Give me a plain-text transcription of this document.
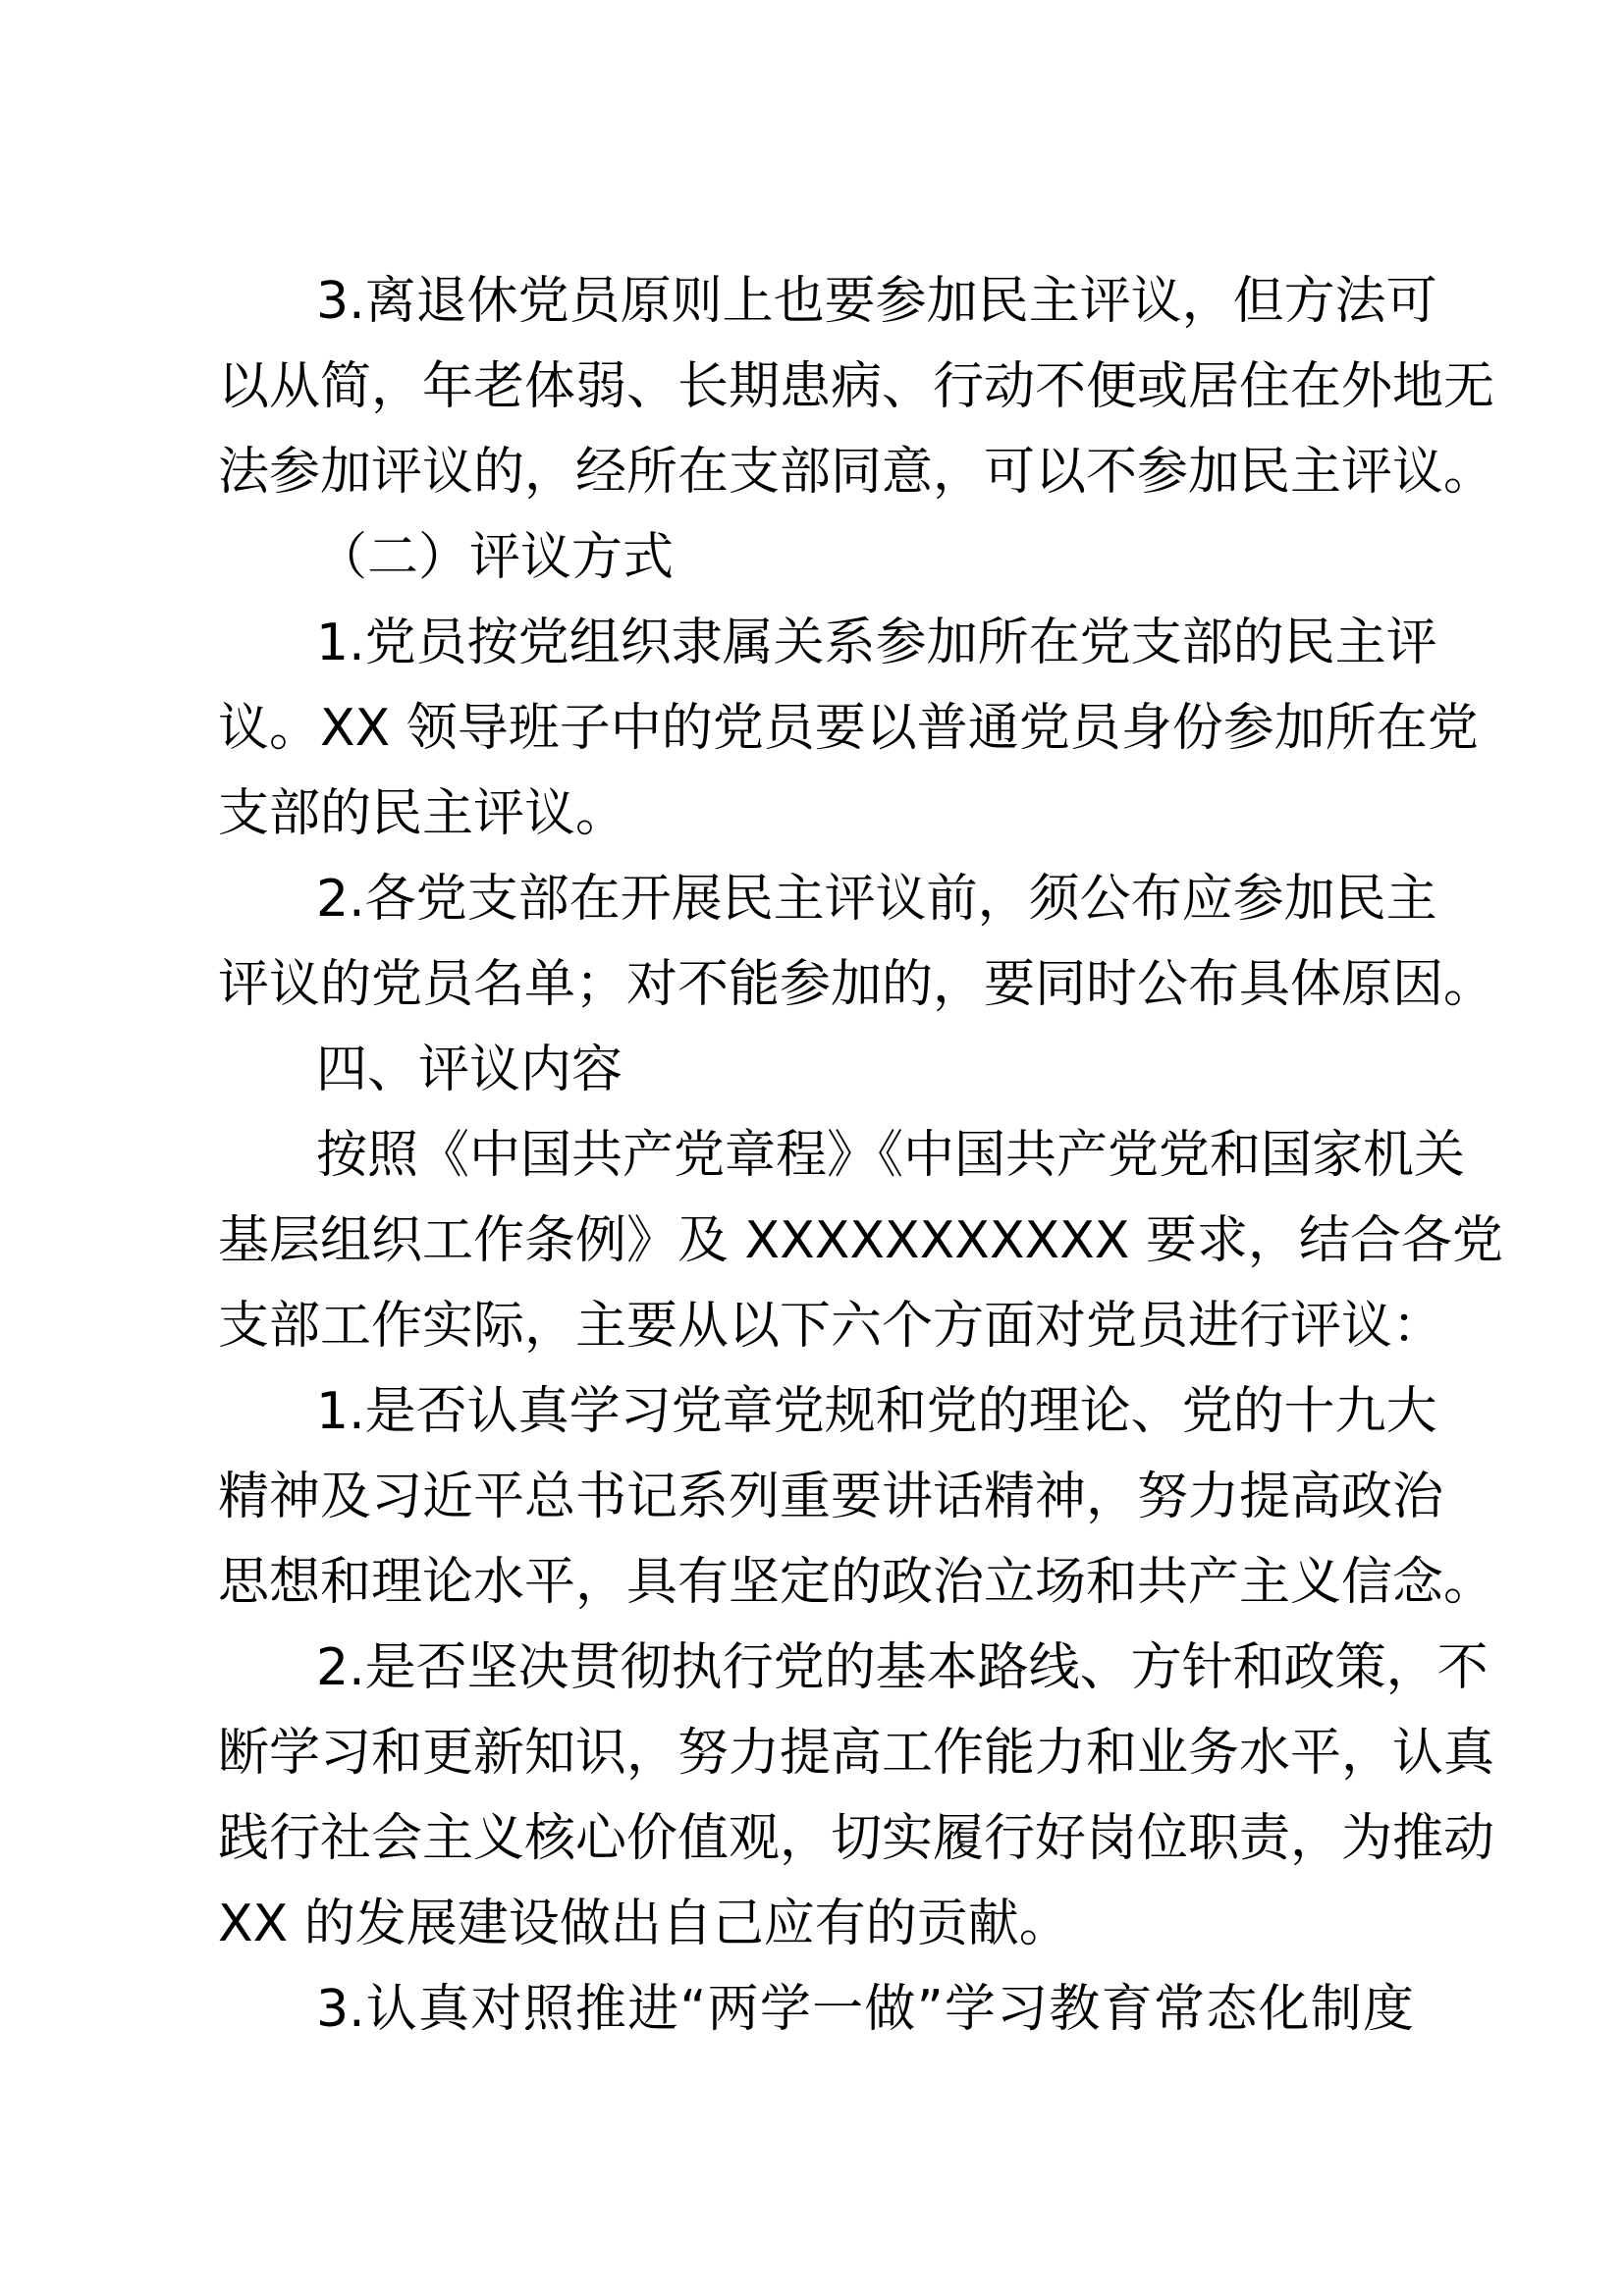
3.离退休党员原则上也要参加民主评议，但方法可
以从简，年老体弱、长期患病、行动不便或居住在外地无
法参加评议的，经所在支部同意，可以不参加民主评议。
（二）评议方式
1.党员按党组织隶属关系参加所在党支部的民主评
议。XX 领导班子中的党员要以普通党员身份参加所在党
支部的民主评议。
2.各党支部在开展民主评议前，须公布应参加民主
评议的党员名单；对不能参加的，要同时公布具体原因。
四、评议内容
按照《中国共产党章程》《中国共产党党和国家机关
基层组织工作条例》及 XXXXXXXXXXX 要求，结合各党
支部工作实际，主要从以下六个方面对党员进行评议：
1.是否认真学习党章党规和党的理论、党的十九大
精神及习近平总书记系列重要讲话精神，努力提高政治
思想和理论水平，具有坚定的政治立场和共产主义信念。
2.是否坚决贯彻执行党的基本路线、方针和政策，不
断学习和更新知识，努力提高工作能力和业务水平，认真
践行社会主义核心价值观，切实履行好岗位职责，为推动
XX 的发展建设做出自己应有的贡献。
3.认真对照推进“两学一做”学习教育常态化制度
